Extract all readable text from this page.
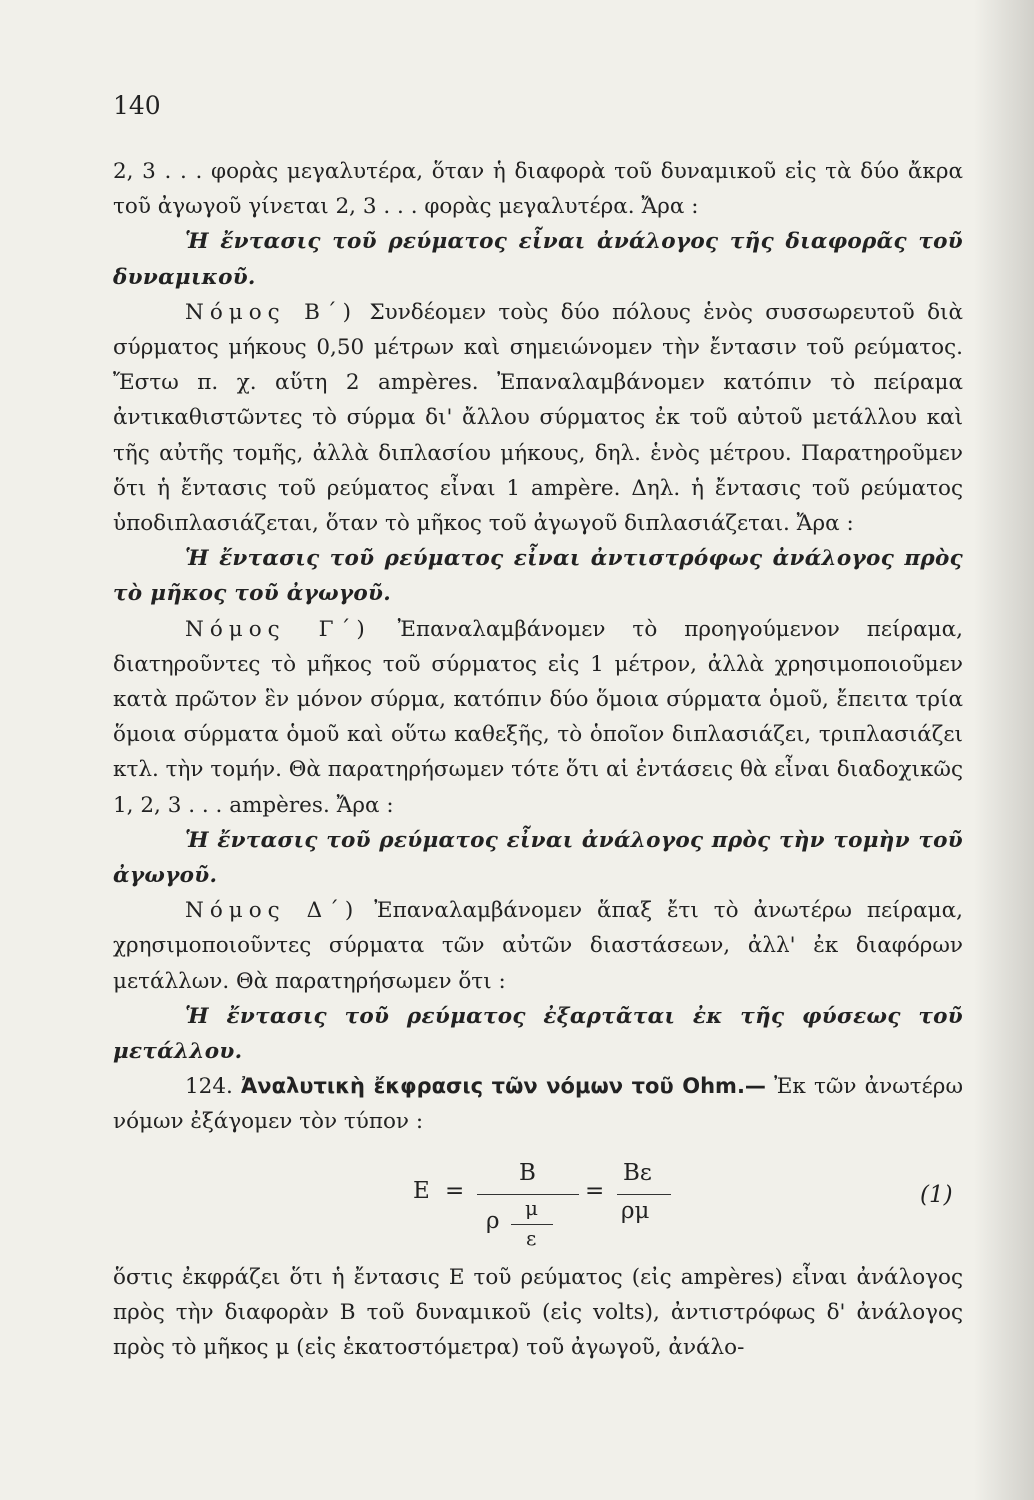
140

2, 3 . . . φορὰς μεγαλυτέρα, ὅταν ἡ διαφορὰ τοῦ δυναμικοῦ εἰς τὰ δύο ἄκρα τοῦ ἀγωγοῦ γίνεται 2, 3 . . . φορὰς μεγαλυτέρα. Ἄρα :

Ἡ ἔντασις τοῦ ρεύματος εἶναι ἀνάλογος τῆς διαφορᾶς τοῦ δυναμικοῦ.

Νόμος Β΄) Συνδέομεν τοὺς δύο πόλους ἑνὸς συσσωρευτοῦ διὰ σύρματος μήκους 0,50 μέτρων καὶ σημειώνομεν τὴν ἔντασιν τοῦ ρεύματος. Ἔστω π. χ. αὕτη 2 ampères. Ἐπαναλαμβάνομεν κατόπιν τὸ πείραμα ἀντικαθιστῶντες τὸ σύρμα δι' ἄλλου σύρματος ἐκ τοῦ αὐτοῦ μετάλλου καὶ τῆς αὐτῆς τομῆς, ἀλλὰ διπλασίου μήκους, δηλ. ἑνὸς μέτρου. Παρατηροῦμεν ὅτι ἡ ἔντασις τοῦ ρεύματος εἶναι 1 ampère. Δηλ. ἡ ἔντασις τοῦ ρεύματος ὑποδιπλασιάζεται, ὅταν τὸ μῆκος τοῦ ἀγωγοῦ διπλασιάζεται. Ἄρα :

Ἡ ἔντασις τοῦ ρεύματος εἶναι ἀντιστρόφως ἀνάλογος πρὸς τὸ μῆκος τοῦ ἀγωγοῦ.

Νόμος Γ΄) Ἐπαναλαμβάνομεν τὸ προηγούμενον πείραμα, διατηροῦντες τὸ μῆκος τοῦ σύρματος εἰς 1 μέτρον, ἀλλὰ χρησιμοποιοῦμεν κατὰ πρῶτον ἓν μόνον σύρμα, κατόπιν δύο ὅμοια σύρματα ὁμοῦ, ἔπειτα τρία ὅμοια σύρματα ὁμοῦ καὶ οὕτω καθεξῆς, τὸ ὁποῖον διπλασιάζει, τριπλασιάζει κτλ. τὴν τομήν. Θὰ παρατηρήσωμεν τότε ὅτι αἱ ἐντάσεις θὰ εἶναι διαδοχικῶς 1, 2, 3 . . . ampères. Ἄρα :

Ἡ ἔντασις τοῦ ρεύματος εἶναι ἀνάλογος πρὸς τὴν τομὴν τοῦ ἀγωγοῦ.

Νόμος Δ΄) Ἐπαναλαμβάνομεν ἅπαξ ἔτι τὸ ἀνωτέρω πείραμα, χρησιμοποιοῦντες σύρματα τῶν αὐτῶν διαστάσεων, ἀλλ' ἐκ διαφόρων μετάλλων. Θὰ παρατηρήσωμεν ὅτι :

Ἡ ἔντασις τοῦ ρεύματος ἐξαρτᾶται ἐκ τῆς φύσεως τοῦ μετάλλου.

124. Ἀναλυτικὴ ἔκφρασις τῶν νόμων τοῦ Ohm.— Ἐκ τῶν ἀνωτέρω νόμων ἐξάγομεν τὸν τύπον :

E =
B
μ
ρ
ε
=
Bε
ρμ
(1)

ὅστις ἐκφράζει ὅτι ἡ ἔντασις E τοῦ ρεύματος (εἰς ampères) εἶναι ἀνάλογος πρὸς τὴν διαφορὰν B τοῦ δυναμικοῦ (εἰς volts), ἀντιστρόφως δ' ἀνάλογος πρὸς τὸ μῆκος μ (εἰς ἑκατοστόμετρα) τοῦ ἀγωγοῦ, ἀνάλο-
